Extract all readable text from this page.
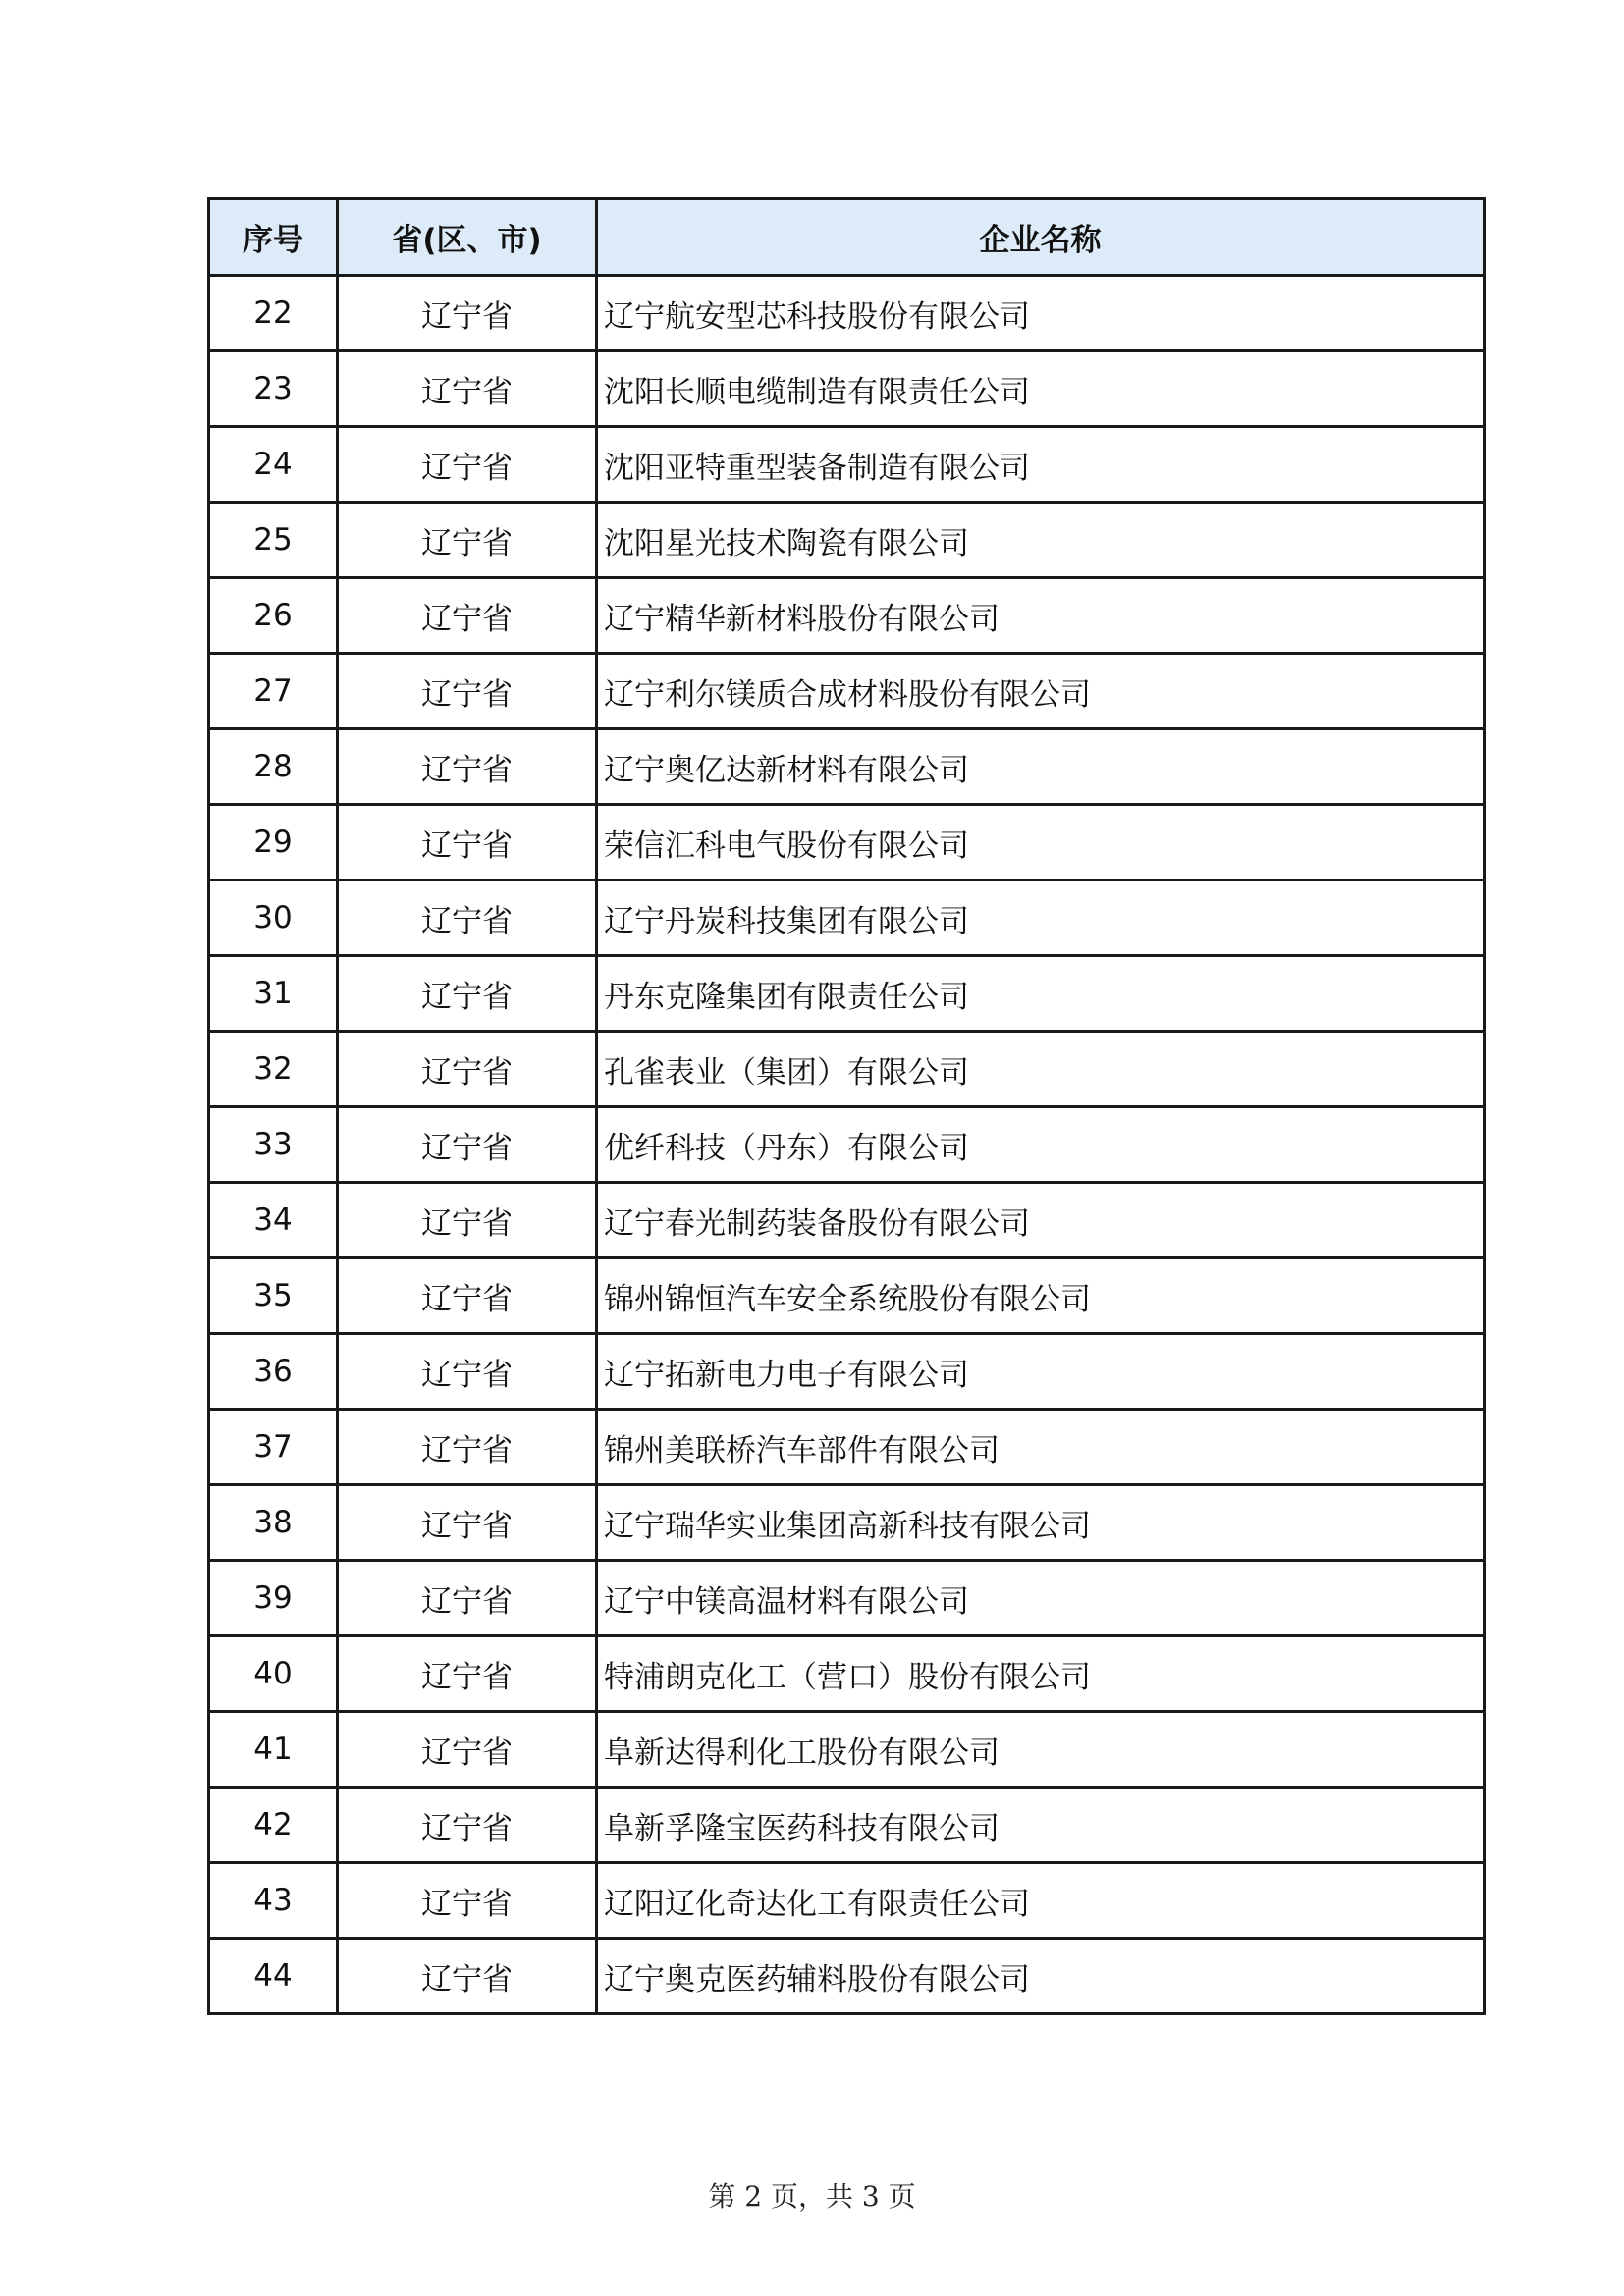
序号	省(区、市)	企业名称
22	辽宁省	辽宁航安型芯科技股份有限公司
23	辽宁省	沈阳长顺电缆制造有限责任公司
24	辽宁省	沈阳亚特重型装备制造有限公司
25	辽宁省	沈阳星光技术陶瓷有限公司
26	辽宁省	辽宁精华新材料股份有限公司
27	辽宁省	辽宁利尔镁质合成材料股份有限公司
28	辽宁省	辽宁奥亿达新材料有限公司
29	辽宁省	荣信汇科电气股份有限公司
30	辽宁省	辽宁丹炭科技集团有限公司
31	辽宁省	丹东克隆集团有限责任公司
32	辽宁省	孔雀表业（集团）有限公司
33	辽宁省	优纤科技（丹东）有限公司
34	辽宁省	辽宁春光制药装备股份有限公司
35	辽宁省	锦州锦恒汽车安全系统股份有限公司
36	辽宁省	辽宁拓新电力电子有限公司
37	辽宁省	锦州美联桥汽车部件有限公司
38	辽宁省	辽宁瑞华实业集团高新科技有限公司
39	辽宁省	辽宁中镁高温材料有限公司
40	辽宁省	特浦朗克化工（营口）股份有限公司
41	辽宁省	阜新达得利化工股份有限公司
42	辽宁省	阜新孚隆宝医药科技有限公司
43	辽宁省	辽阳辽化奇达化工有限责任公司
44	辽宁省	辽宁奥克医药辅料股份有限公司
第 2 页，共 3 页
